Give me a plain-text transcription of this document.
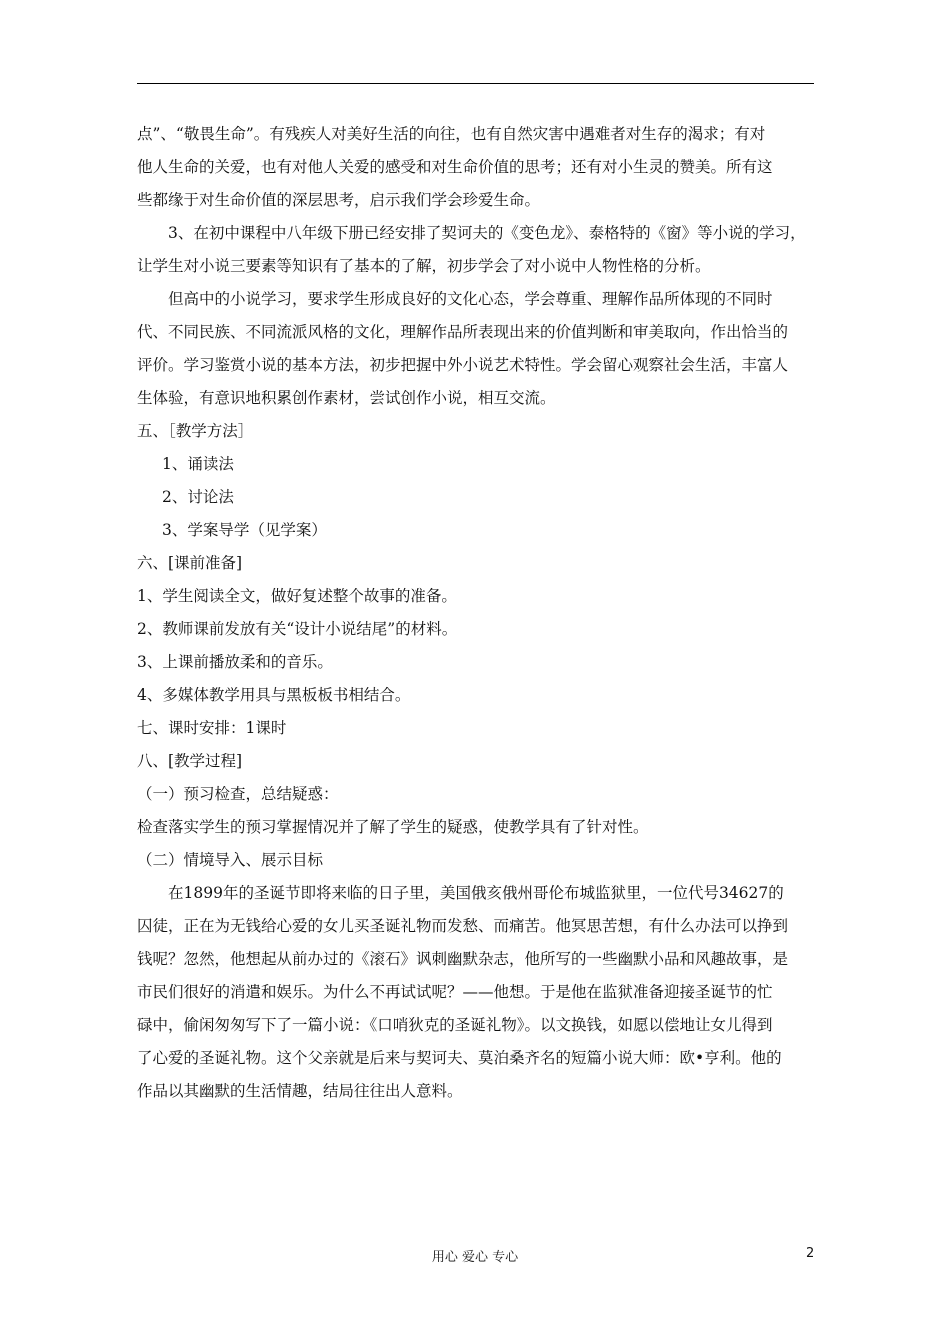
点”、“敬畏生命”。有残疾人对美好生活的向往，也有自然灾害中遇难者对生存的渴求；有对
他人生命的关爱，也有对他人关爱的感受和对生命价值的思考；还有对小生灵的赞美。所有这
些都缘于对生命价值的深层思考，启示我们学会珍爱生命。
3、在初中课程中八年级下册已经安排了契诃夫的《变色龙》、泰格特的《窗》等小说的学习，
让学生对小说三要素等知识有了基本的了解，初步学会了对小说中人物性格的分析。
但高中的小说学习，要求学生形成良好的文化心态，学会尊重、理解作品所体现的不同时
代、不同民族、不同流派风格的文化，理解作品所表现出来的价值判断和审美取向，作出恰当的
评价。学习鉴赏小说的基本方法，初步把握中外小说艺术特性。学会留心观察社会生活，丰富人
生体验，有意识地积累创作素材，尝试创作小说，相互交流。
五、［教学方法］
1、诵读法
2、讨论法
3、学案导学（见学案）
六、[课前准备]
1、学生阅读全文，做好复述整个故事的准备。
2、教师课前发放有关“设计小说结尾”的材料。
3、上课前播放柔和的音乐。
4、多媒体教学用具与黑板板书相结合。
七、课时安排：1课时
八、[教学过程]
（一）预习检查，总结疑惑：
检查落实学生的预习掌握情况并了解了学生的疑惑，使教学具有了针对性。
（二）情境导入、展示目标
在1899年的圣诞节即将来临的日子里，美国俄亥俄州哥伦布城监狱里，一位代号34627的
囚徒，正在为无钱给心爱的女儿买圣诞礼物而发愁、而痛苦。他冥思苦想，有什么办法可以挣到
钱呢？忽然，他想起从前办过的《滚石》讽刺幽默杂志，他所写的一些幽默小品和风趣故事，是
市民们很好的消遣和娱乐。为什么不再试试呢？——他想。于是他在监狱准备迎接圣诞节的忙
碌中，偷闲匆匆写下了一篇小说：《口哨狄克的圣诞礼物》。以文换钱，如愿以偿地让女儿得到
了心爱的圣诞礼物。这个父亲就是后来与契诃夫、莫泊桑齐名的短篇小说大师：欧•亨利。他的
作品以其幽默的生活情趣，结局往往出人意料。
用心 爱心 专心	2
